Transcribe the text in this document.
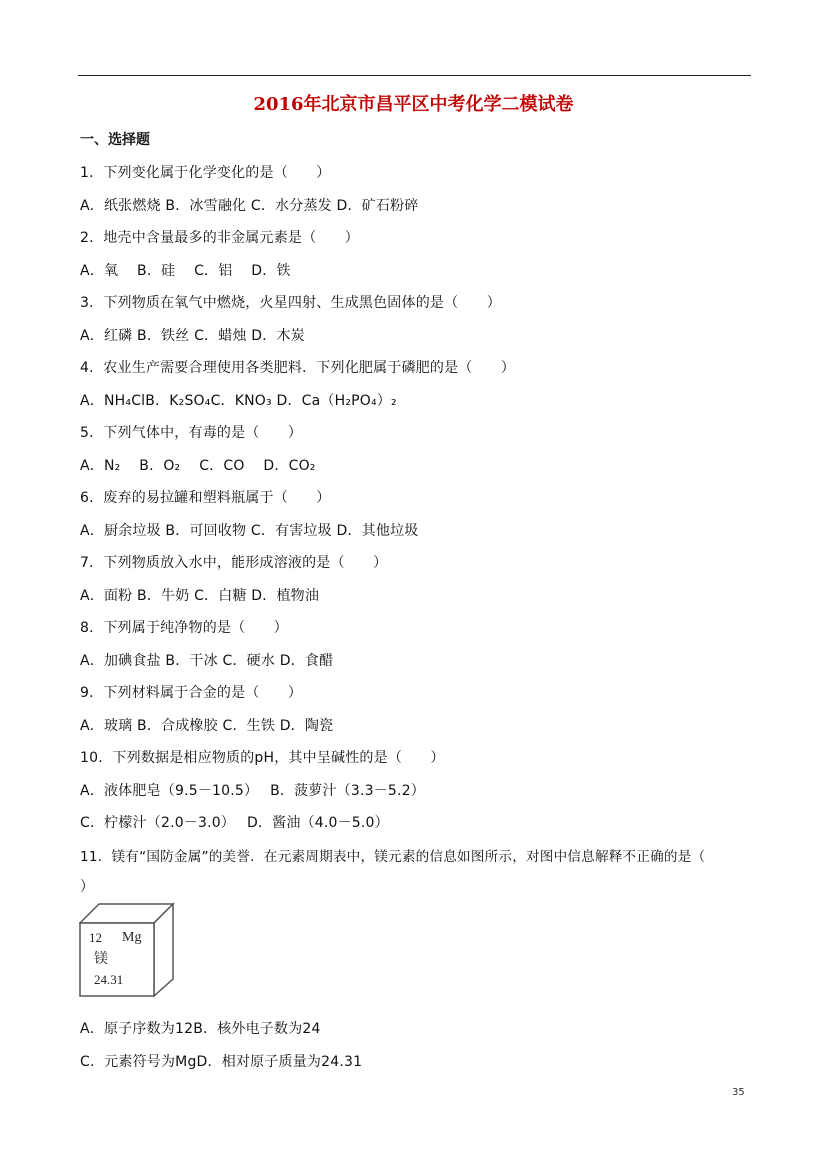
2016年北京市昌平区中考化学二模试卷
一、选择题
1．下列变化属于化学变化的是（　　）
A．纸张燃烧 B．冰雪融化 C．水分蒸发 D．矿石粉碎
2．地壳中含量最多的非金属元素是（　　）
A．氧　 B．硅　 C．铝　 D．铁
3．下列物质在氧气中燃烧，火星四射、生成黑色固体的是（　　）
A．红磷 B．铁丝 C．蜡烛 D．木炭
4．农业生产需要合理使用各类肥料．下列化肥属于磷肥的是（　　）
A．NH₄ClB．K₂SO₄C．KNO₃ D．Ca（H₂PO₄）₂
5．下列气体中，有毒的是（　　）
A．N₂　 B．O₂　 C．CO　 D．CO₂
6．废弃的易拉罐和塑料瓶属于（　　）
A．厨余垃圾 B．可回收物 C．有害垃圾 D．其他垃圾
7．下列物质放入水中，能形成溶液的是（　　）
A．面粉 B．牛奶 C．白糖 D．植物油
8．下列属于纯净物的是（　　）
A．加碘食盐 B．干冰 C．硬水 D．食醋
9．下列材料属于合金的是（　　）
A．玻璃 B．合成橡胶 C．生铁 D．陶瓷
10．下列数据是相应物质的pH，其中呈碱性的是（　　）
A．液体肥皂（9.5－10.5）　 B．菠萝汁（3.3－5.2）
C．柠檬汁（2.0－3.0）　 D．酱油（4.0－5.0）
11．镁有“国防金属”的美誉．在元素周期表中，镁元素的信息如图所示，对图中信息解释不正确的是（
）
12 Mg
镁
24.31
A．原子序数为12B．核外电子数为24
C．元素符号为MgD．相对原子质量为24.31
35
